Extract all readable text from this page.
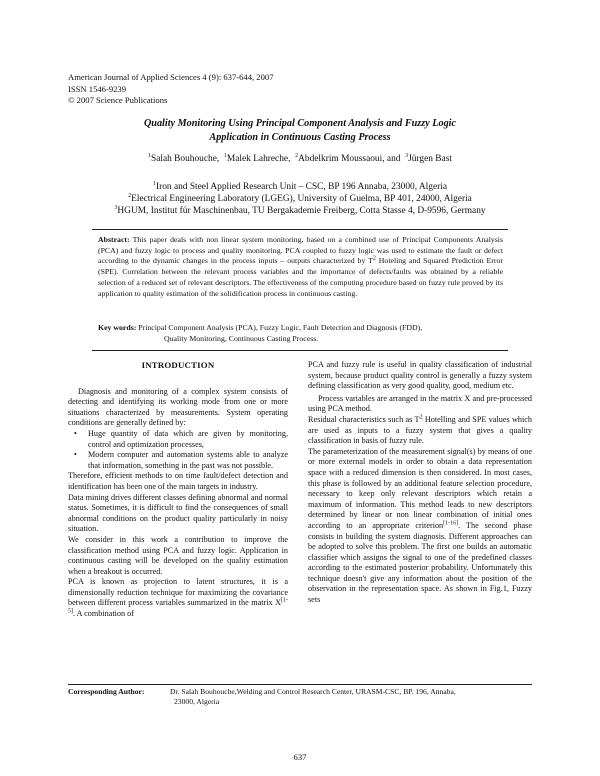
American Journal of Applied Sciences 4 (9): 637-644, 2007
ISSN 1546-9239
© 2007 Science Publications
Quality Monitoring Using Principal Component Analysis and Fuzzy Logic
Application in Continuous Casting Process
$^1$Salah Bouhouche, $^1$Malek Lahreche, $^2$Abdelkrim Moussaoui, and $^3$Jürgen Bast
$^1$Iron and Steel Applied Research Unit – CSC, BP 196 Annaba, 23000, Algeria
$^2$Electrical Engineering Laboratory (LGEG), University of Guelma, BP 401, 24000, Algeria
$^3$HGUM, Institut für Maschinenbau, TU Bergakademie Freiberg, Cotta Stasse 4, D-9596, Germany
Abstract: This paper deals with non linear system monitoring, based on a combined use of Principal Components Analysis (PCA) and fuzzy logic to process and quality monitoring. PCA coupled to fuzzy logic was used to estimate the fault or defect according to the dynamic changes in the process inputs – outputs characterized by $T^2$ Hoteling and Squared Prediction Error (SPE). Correlation between the relevant process variables and the importance of defects/faults was obtained by a reliable selection of a reduced set of relevant descriptors. The effectiveness of the computing procedure based on fuzzy rule proved by its application to quality estimation of the solidification process in continuous casting.
Key words: Principal Component Analysis (PCA), Fuzzy Logic, Fault Detection and Diagnosis (FDD),
Quality Monitoring, Continuous Casting Process.
INTRODUCTION

Diagnosis and monitoring of a complex system consists of detecting and identifying its working mode from one or more situations characterized by measurements. System operating conditions are generally defined by:

• Huge quantity of data which are given by monitoring, control and optimization processes,
• Modern computer and automation systems able to analyze that information, something in the past was not possible.

Therefore, efficient methods to on time fault/defect detection and identification has been one of the main targets in industry.

Data mining drives different classes defining abnormal and normal status. Sometimes, it is difficult to find the consequences of small abnormal conditions on the product quality particularly in noisy situation.

We consider in this work a contribution to improve the classification method using PCA and fuzzy logic. Application in continuous casting will be developed on the quality estimation when a breakout is occurred.

PCA is known as projection to latent structures, it is a dimensionally reduction technique for maximizing the covariance between different process variables summarized in the matrix X[1-5]. A combination of

PCA and fuzzy rule is useful in quality classification of industrial system, because product quality control is generally a fuzzy system defining classification as very good quality, good, medium etc.

Process variables are arranged in the matrix X and pre-processed using PCA method.

Residual characteristics such as $T^2$ Hotelling and SPE values which are used as inputs to a fuzzy system that gives a quality classification in basis of fuzzy rule.

The parameterization of the measurement signal(s) by means of one or more external models in order to obtain a data representation space with a reduced dimension is then considered. In most cases, this phase is followed by an additional feature selection procedure, necessary to keep only relevant descriptors which retain a maximum of information. This method leads to new descriptors determined by linear or non linear combination of initial ones according to an appropriate criterion[1-16]. The second phase consists in building the system diagnosis. Different approaches can be adopted to solve this problem. The first one builds an automatic classifier which assigns the signal to one of the predefined classes according to the estimated posterior probability. Unfortunately this technique doesn't give any information about the position of the observation in the representation space. As shown in Fig.1, Fuzzy sets

Corresponding Author:	Dr. Salah Bouhouche,Welding and Control Research Center, URASM-CSC, BP. 196, Annaba,
23000, Algeria
637
